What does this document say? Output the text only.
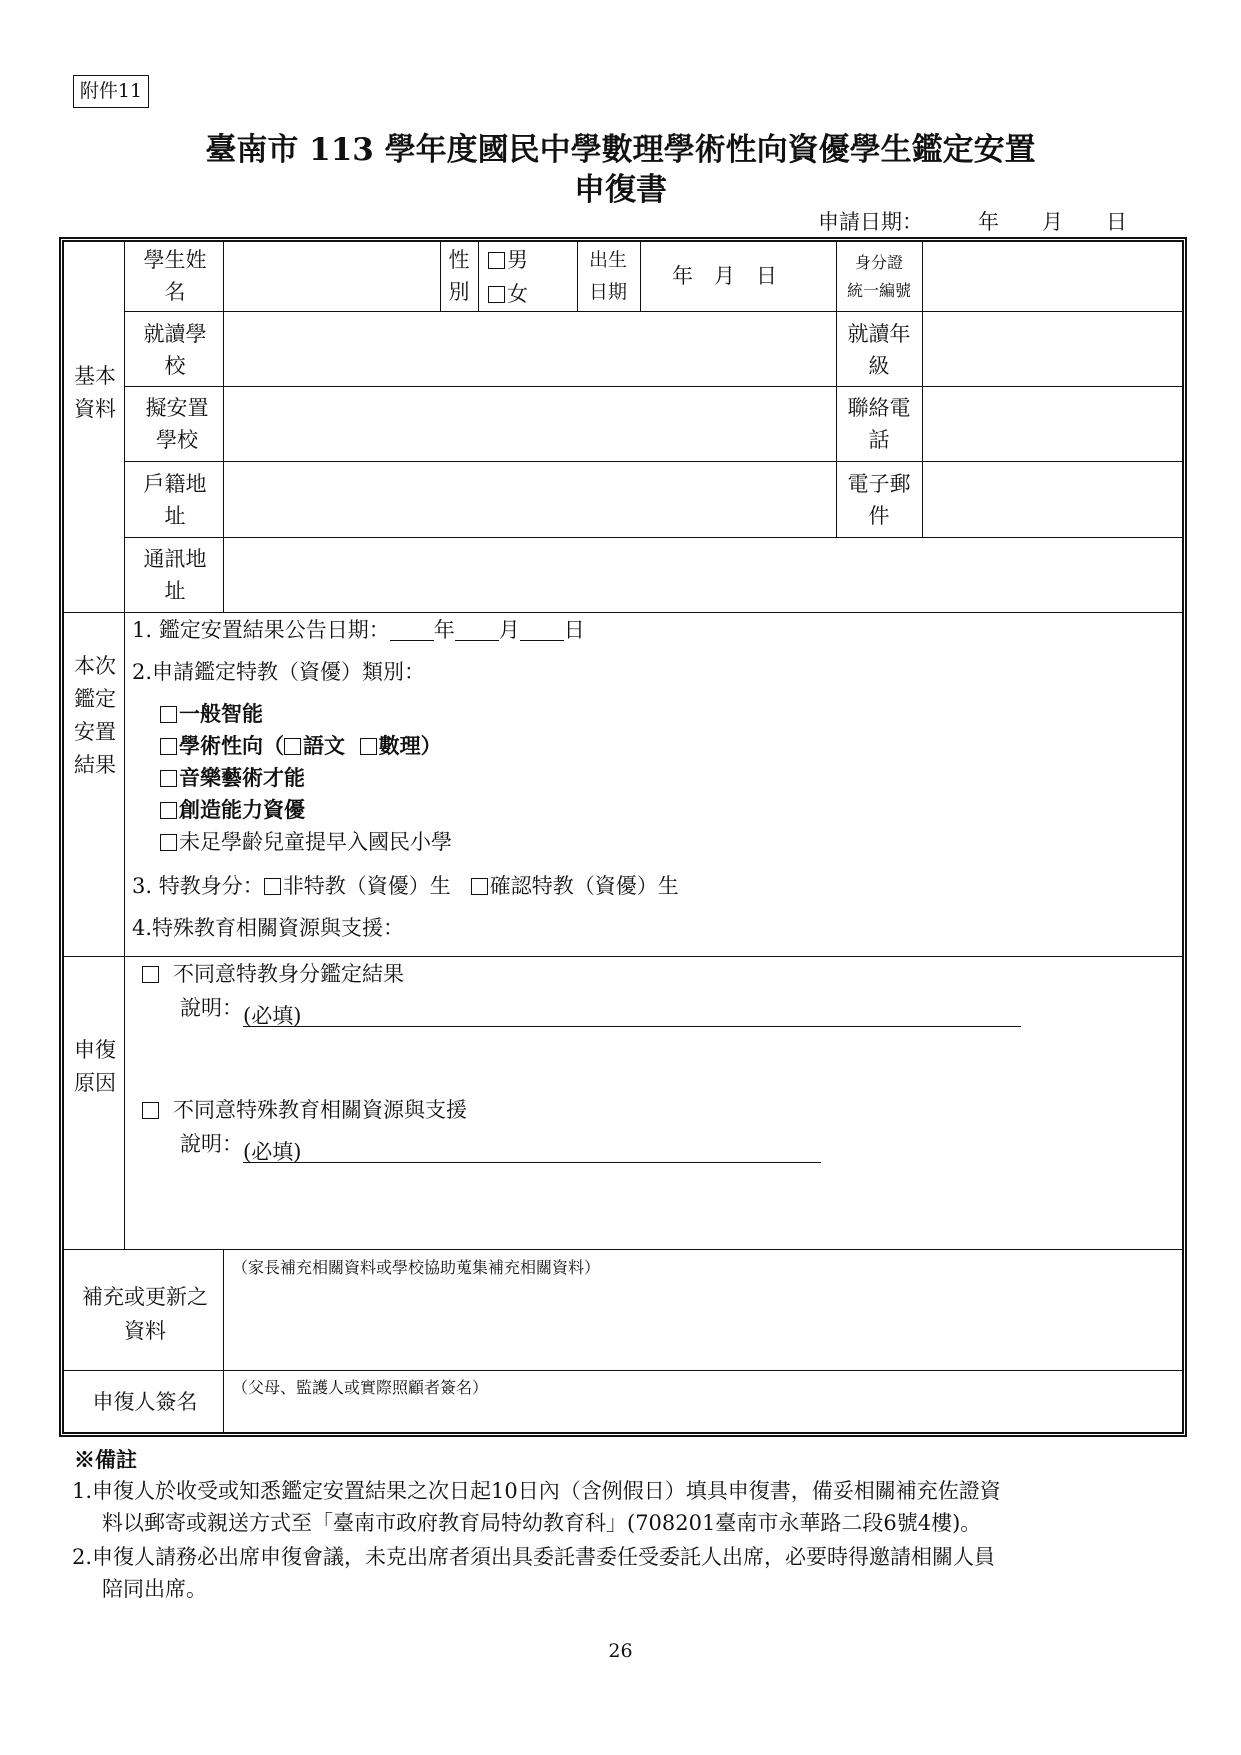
附件11
臺南市 113 學年度國民中學數理學術性向資優學生鑑定安置
申復書
申請日期：	年 月 日
基本資料
本次鑑定安置結果
申復原因
學生姓名
性別
男
女
出生日期
年　月　日
身分證
統一編號
就讀學校
就讀年級
擬安置學校
聯絡電話
戶籍地址
電子郵件
通訊地址
1. 鑑定安置結果公告日期： 年 月 日
2.申請鑑定特教（資優）類別：
一般智能
學術性向（ 語文 數理）
音樂藝術才能
創造能力資優
未足學齡兒童提早入國民小學
3. 特教身分： 非特教（資優）生 確認特教（資優）生
4.特殊教育相關資源與支援：
不同意特教身分鑑定結果
說明：(必填)
不同意特殊教育相關資源與支援
說明：(必填)
補充或更新之資料
（家長補充相關資料或學校協助蒐集補充相關資料）
申復人簽名
（父母、監護人或實際照顧者簽名）
※備註
1.申復人於收受或知悉鑑定安置結果之次日起10日內（含例假日）填具申復書，備妥相關補充佐證資
料以郵寄或親送方式至「臺南市政府教育局特幼教育科」(708201臺南市永華路二段6號4樓)。
2.申復人請務必出席申復會議，未克出席者須出具委託書委任受委託人出席，必要時得邀請相關人員
陪同出席。
26
